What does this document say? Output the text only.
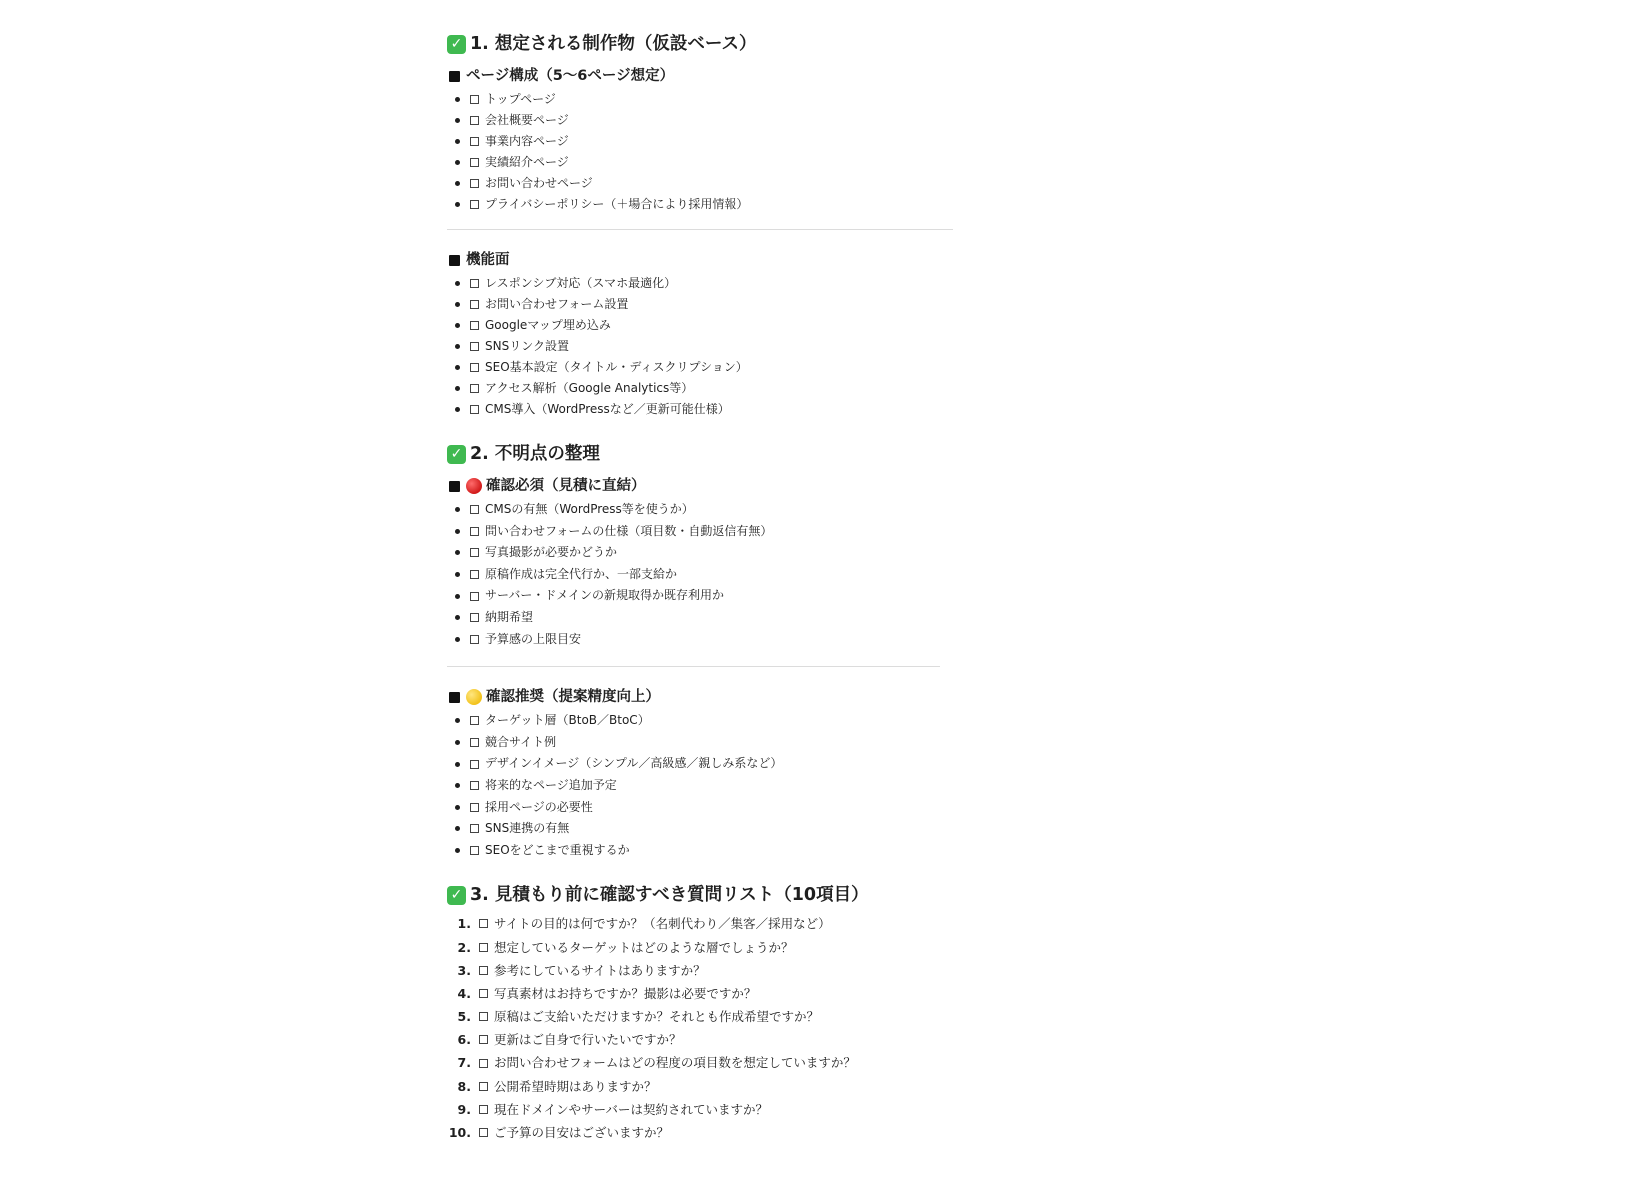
✓ 1. 想定される制作物（仮設ベース）
ページ構成（5〜6ページ想定）
トップページ
会社概要ページ
事業内容ページ
実績紹介ページ
お問い合わせページ
プライバシーポリシー（＋場合により採用情報）
機能面
レスポンシブ対応（スマホ最適化）
お問い合わせフォーム設置
Googleマップ埋め込み
SNSリンク設置
SEO基本設定（タイトル・ディスクリプション）
アクセス解析（Google Analytics等）
CMS導入（WordPressなど／更新可能仕様）
✓ 2. 不明点の整理
確認必須（見積に直結）
CMSの有無（WordPress等を使うか）
問い合わせフォームの仕様（項目数・自動返信有無）
写真撮影が必要かどうか
原稿作成は完全代行か、一部支給か
サーバー・ドメインの新規取得か既存利用か
納期希望
予算感の上限目安
確認推奨（提案精度向上）
ターゲット層（BtoB／BtoC）
競合サイト例
デザインイメージ（シンプル／高級感／親しみ系など）
将来的なページ追加予定
採用ページの必要性
SNS連携の有無
SEOをどこまで重視するか
✓ 3. 見積もり前に確認すべき質問リスト（10項目）
1. サイトの目的は何ですか？（名刺代わり／集客／採用など）
2. 想定しているターゲットはどのような層でしょうか？
3. 参考にしているサイトはありますか？
4. 写真素材はお持ちですか？撮影は必要ですか？
5. 原稿はご支給いただけますか？それとも作成希望ですか？
6. 更新はご自身で行いたいですか？
7. お問い合わせフォームはどの程度の項目数を想定していますか？
8. 公開希望時期はありますか？
9. 現在ドメインやサーバーは契約されていますか？
10. ご予算の目安はございますか？
